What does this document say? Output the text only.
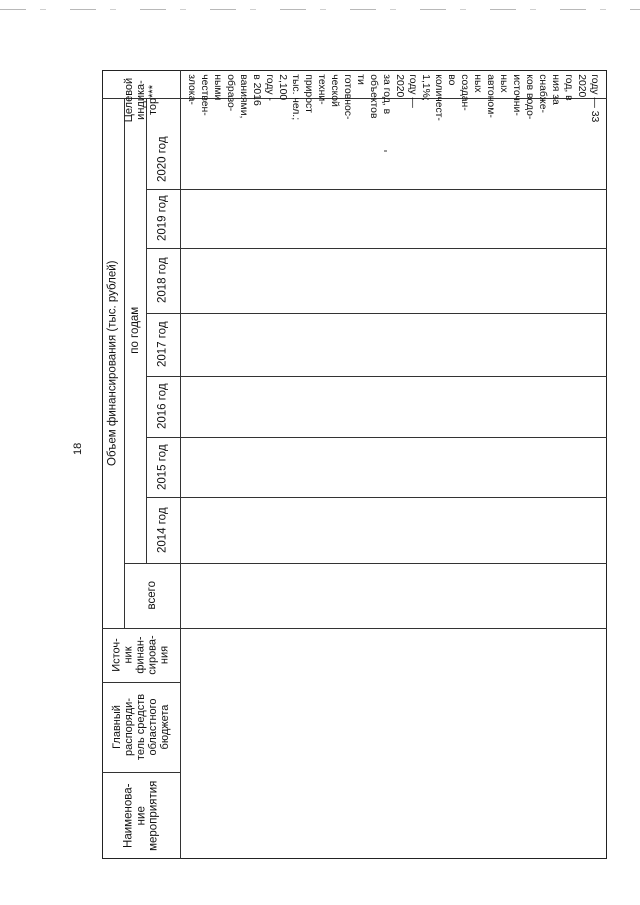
18
Наименова-
ние
мероприятия
Главный
распоряди-
тель средств
областного
бюджета
Источ-
ник
финан-
сирова-
ния
Объем финансирования (тыс. рублей)
всего
по годам
2014 год
2015 год
2016 год
2017 год
2018 год
2019 год
2020 год
Целевой
индика-
тор***	злока- чествен- ными образо- ваниями, в 2016 году - 2,100 тыс. чел.; прирост техни- ческой готовнос- ти объектов за год, в 2020 году — 1,1%; количест- во создан- ных автоном- ных источни- ков водо- снабже- ния за год, в 2020 году — 33
